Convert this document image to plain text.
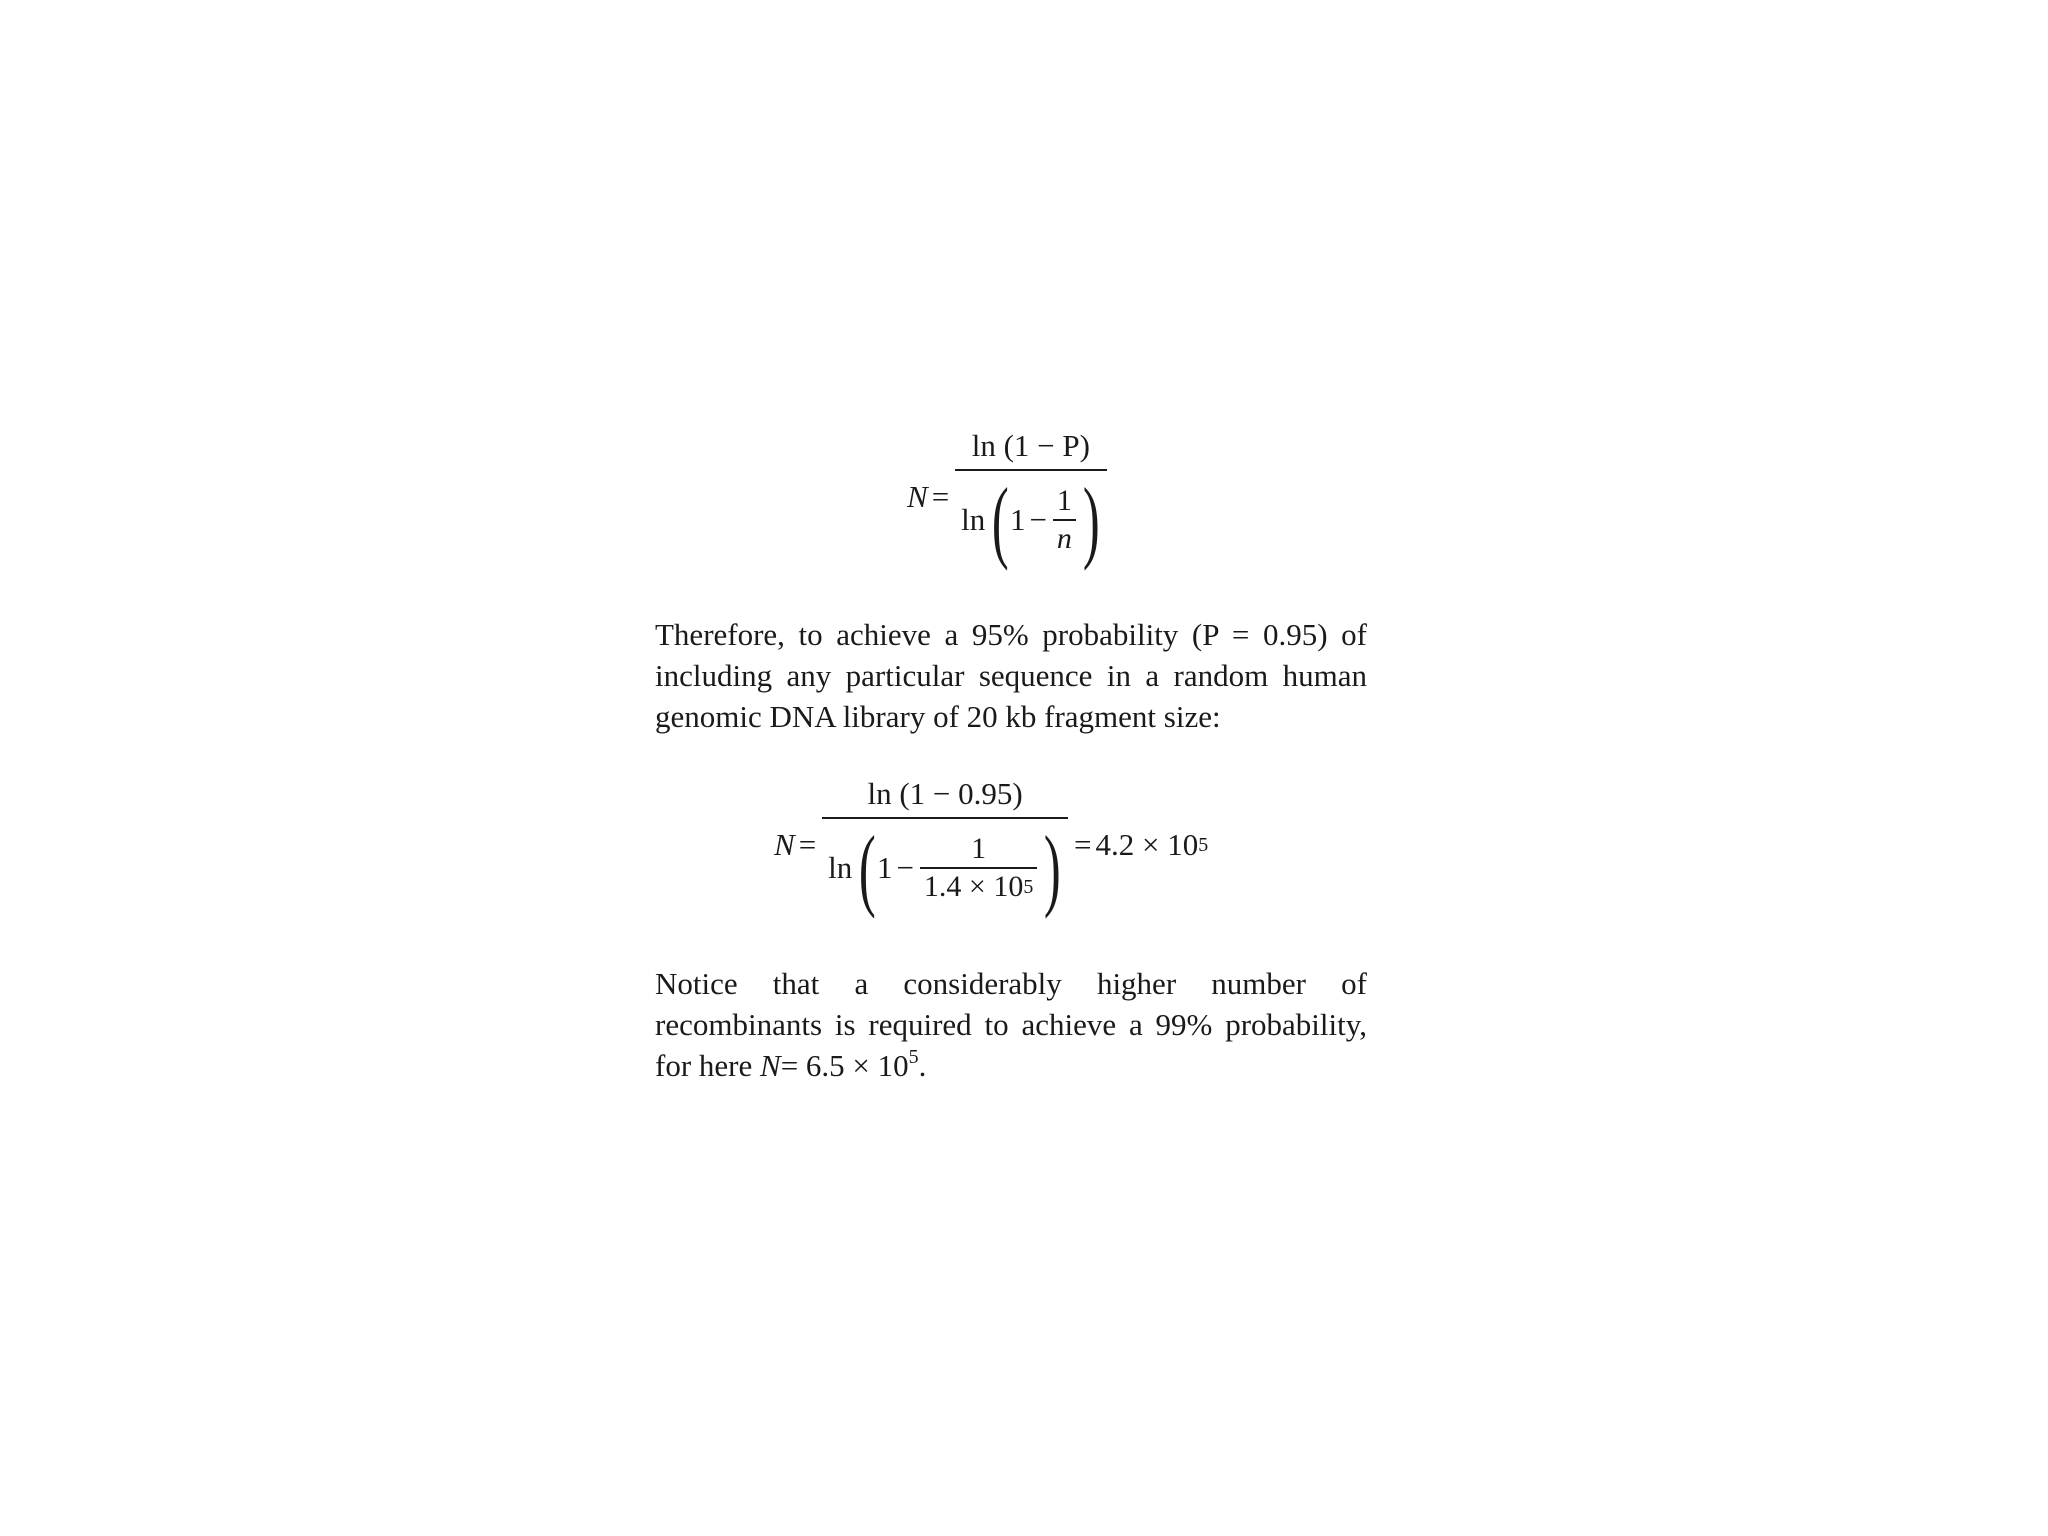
N =
ln (1 − P)
ln ( $1 - \frac{1}{n}$ )
Therefore, to achieve a 95% probability (P = 0.95) of including any particular sequence in a random human genomic DNA library of 20 kb fragment size:
N =
ln (1 − 0.95)
ln ( $1 - \frac{1}{1.4 \times 10 5}$ ) = 4.2 × 10 5
Notice that a considerably higher number of recombinants is required to achieve a 99% probability, for here $N= 6.5 \times 10^5$.
